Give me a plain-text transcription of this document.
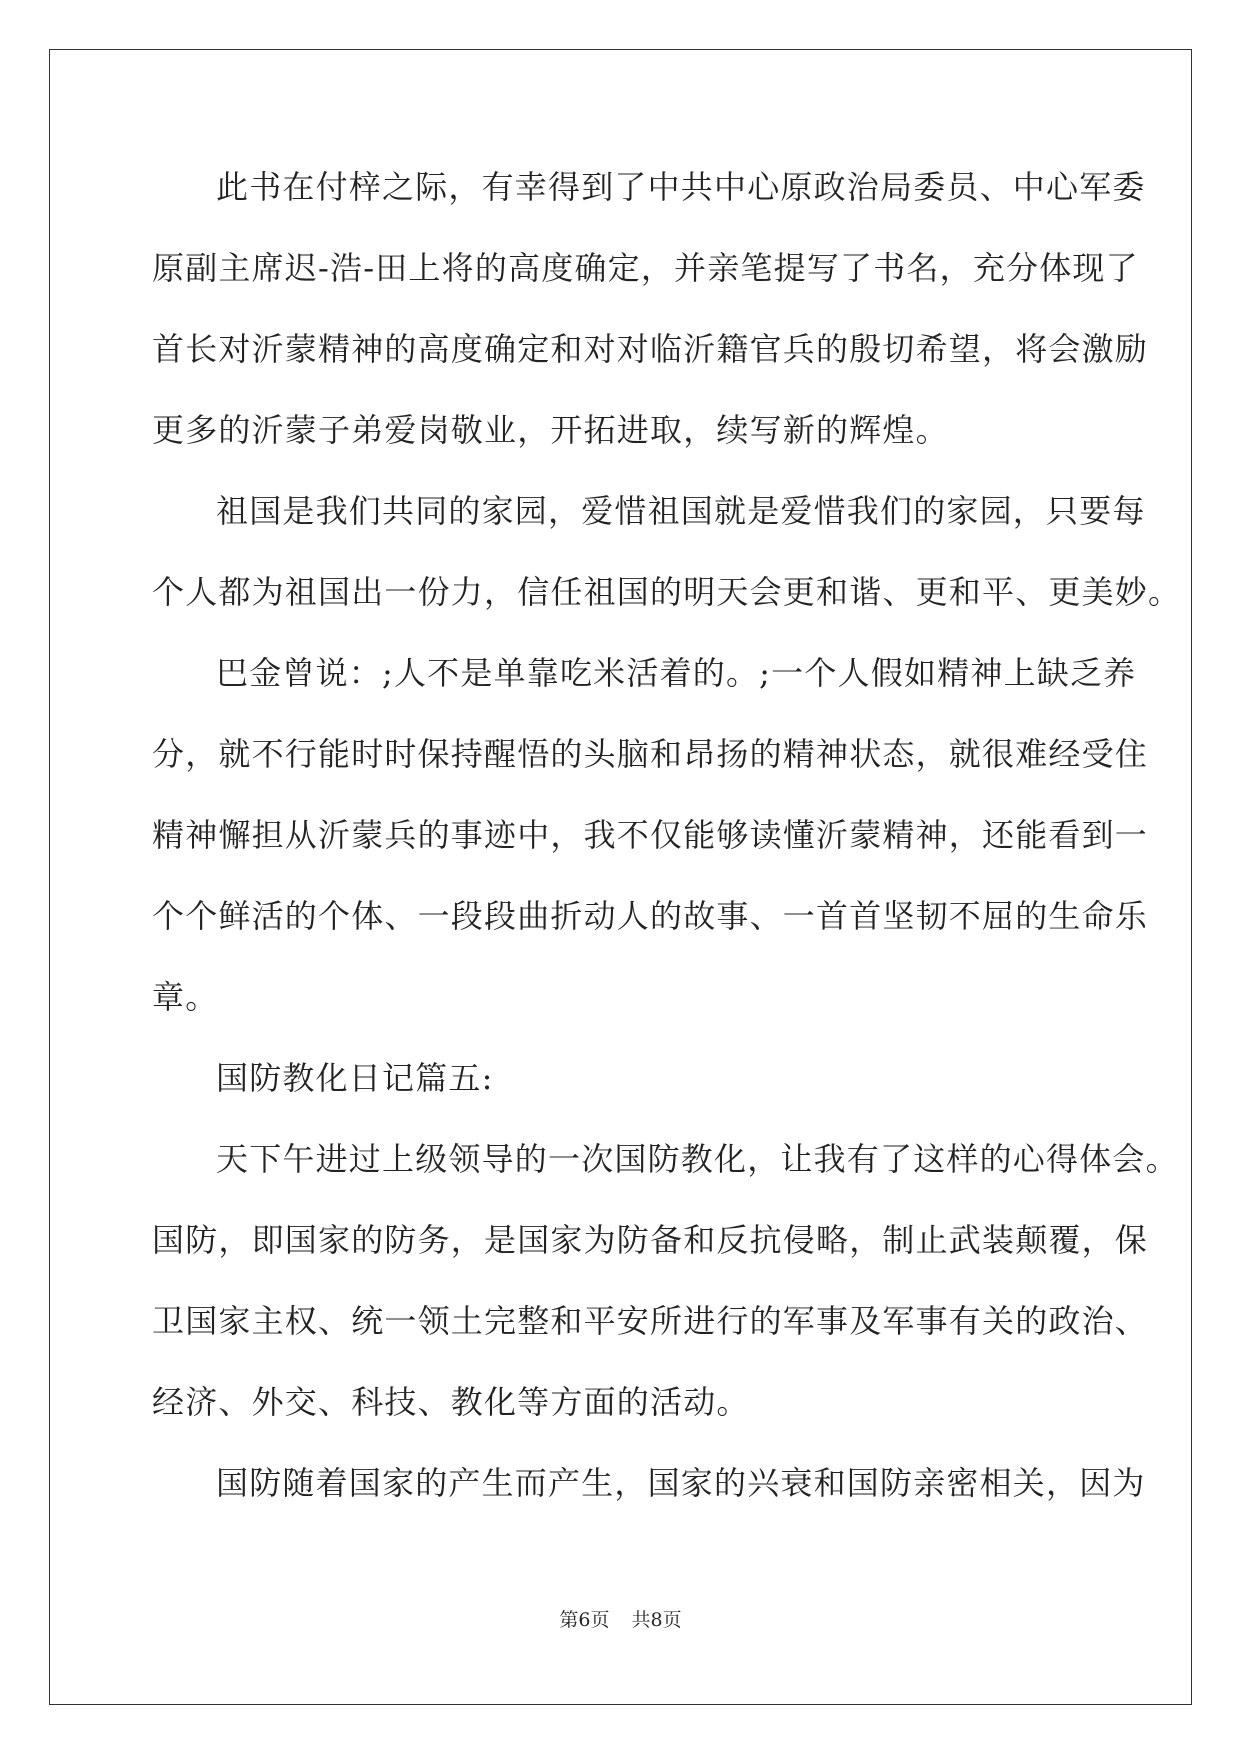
此书在付梓之际，有幸得到了中共中心原政治局委员、中心军委
原副主席迟-浩-田上将的高度确定，并亲笔提写了书名，充分体现了
首长对沂蒙精神的高度确定和对对临沂籍官兵的殷切希望，将会激励
更多的沂蒙子弟爱岗敬业，开拓进取，续写新的辉煌。
祖国是我们共同的家园，爱惜祖国就是爱惜我们的家园，只要每
个人都为祖国出一份力，信任祖国的明天会更和谐、更和平、更美妙。
巴金曾说：;人不是单靠吃米活着的。;一个人假如精神上缺乏养
分，就不行能时时保持醒悟的头脑和昂扬的精神状态，就很难经受住
精神懈担从沂蒙兵的事迹中，我不仅能够读懂沂蒙精神，还能看到一
个个鲜活的个体、一段段曲折动人的故事、一首首坚韧不屈的生命乐
章。
国防教化日记篇五:
天下午进过上级领导的一次国防教化，让我有了这样的心得体会。
国防，即国家的防务，是国家为防备和反抗侵略，制止武装颠覆，保
卫国家主权、统一领土完整和平安所进行的军事及军事有关的政治、
经济、外交、科技、教化等方面的活动。
国防随着国家的产生而产生，国家的兴衰和国防亲密相关，因为
第6页 共8页
